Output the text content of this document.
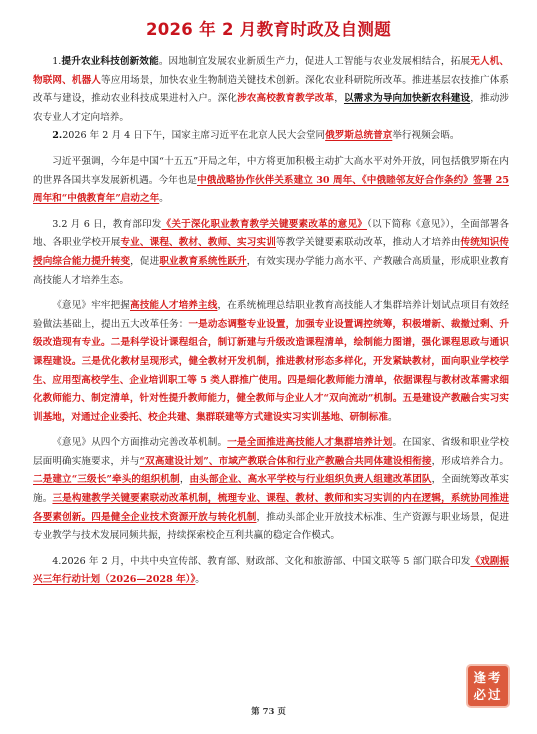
2026 年 2 月教育时政及自测题

1.提升农业科技创新效能。因地制宜发展农业新质生产力，促进人工智能与农业发展相结合，拓展无人机、物联网、机器人等应用场景，加快农业生物制造关键技术创新。深化农业科研院所改革。推进基层农技推广体系改革与建设，推动农业科技成果进村入户。深化涉农高校教育教学改革，以需求为导向加快新农科建设，推动涉农专业人才定向培养。

2.2026 年 2 月 4 日下午，国家主席习近平在北京人民大会堂同俄罗斯总统普京举行视频会晤。

习近平强调，今年是中国“十五五”开局之年，中方将更加积极主动扩大高水平对外开放，同包括俄罗斯在内的世界各国共享发展新机遇。今年也是中俄战略协作伙伴关系建立 30 周年、《中俄睦邻友好合作条约》签署 25 周年和“中俄教育年”启动之年。

3.2 月 6 日，教育部印发《关于深化职业教育教学关键要素改革的意见》（以下简称《意见》），全面部署各地、各职业学校开展专业、课程、教材、教师、实习实训等教学关键要素联动改革，推动人才培养由传统知识传授向综合能力提升转变，促进职业教育系统性跃升，有效实现办学能力高水平、产教融合高质量，形成职业教育高技能人才培养生态。

《意见》牢牢把握高技能人才培养主线，在系统梳理总结职业教育高技能人才集群培养计划试点项目有效经验做法基础上，提出五大改革任务：一是动态调整专业设置，加强专业设置调控统筹，积极增新、裁撤过剩、升级改造现有专业。二是科学设计课程组合，制订新建与升级改造课程清单，绘制能力图谱，强化课程思政与通识课程建设。三是优化教材呈现形式，健全教材开发机制，推进教材形态多样化，开发紧缺教材，面向职业学校学生、应用型高校学生、企业培训职工等 5 类人群推广使用。四是细化教师能力清单，依据课程与教材改革需求细化教师能力、制定清单，针对性提升教师能力，健全教师与企业人才“双向流动”机制。五是建设产教融合实习实训基地，对通过企业委托、校企共建、集群联建等方式建设实习实训基地、研制标准。

《意见》从四个方面推动完善改革机制。一是全面推进高技能人才集群培养计划。在国家、省级和职业学校层面明确实施要求，并与“双高建设计划”、市域产教联合体和行业产教融合共同体建设相衔接，形成培养合力。二是建立“三级长”牵头的组织机制，由头部企业、高水平学校与行业组织负责人组建改革团队，全面统筹改革实施。三是构建教学关键要素联动改革机制，梳理专业、课程、教材、教师和实习实训的内在逻辑，系统协同推进各要素创新。四是健全企业技术资源开放与转化机制，推动头部企业开放技术标准、生产资源与职业场景，促进专业教学与技术发展同频共振，持续探索校企互利共赢的稳定合作模式。

4.2026 年 2 月，中共中央宣传部、教育部、财政部、文化和旅游部、中国文联等 5 部门联合印发《戏剧振兴三年行动计划（2026—2028 年）》。

第 73 页
逢考
必过
